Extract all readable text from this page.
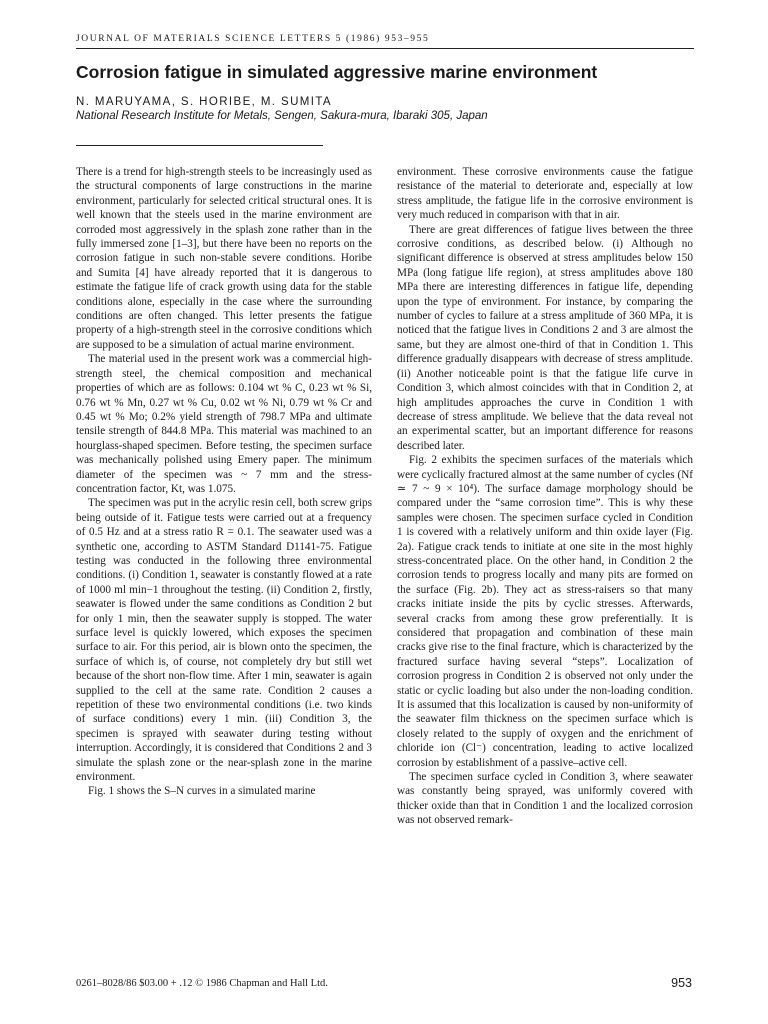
JOURNAL OF MATERIALS SCIENCE LETTERS 5 (1986) 953–955
Corrosion fatigue in simulated aggressive marine environment
N. MARUYAMA, S. HORIBE, M. SUMITA
National Research Institute for Metals, Sengen, Sakura-mura, Ibaraki 305, Japan

There is a trend for high-strength steels to be increasingly used as the structural components of large constructions in the marine environment, particularly for selected critical structural ones. It is well known that the steels used in the marine environment are corroded most aggressively in the splash zone rather than in the fully immersed zone [1–3], but there have been no reports on the corrosion fatigue in such non-stable severe conditions. Horibe and Sumita [4] have already reported that it is dangerous to estimate the fatigue life of crack growth using data for the stable conditions alone, especially in the case where the surrounding conditions are often changed. This letter presents the fatigue property of a high-strength steel in the corrosive conditions which are supposed to be a simulation of actual marine environment.

The material used in the present work was a commercial high-strength steel, the chemical composition and mechanical properties of which are as follows: 0.104 wt % C, 0.23 wt % Si, 0.76 wt % Mn, 0.27 wt % Cu, 0.02 wt % Ni, 0.79 wt % Cr and 0.45 wt % Mo; 0.2% yield strength of 798.7 MPa and ultimate tensile strength of 844.8 MPa. This material was machined to an hourglass-shaped specimen. Before testing, the specimen surface was mechanically polished using Emery paper. The minimum diameter of the specimen was ~ 7 mm and the stress-concentration factor, Kt, was 1.075.

The specimen was put in the acrylic resin cell, both screw grips being outside of it. Fatigue tests were carried out at a frequency of 0.5 Hz and at a stress ratio R = 0.1. The seawater used was a synthetic one, according to ASTM Standard D1141-75. Fatigue testing was conducted in the following three environmental conditions. (i) Condition 1, seawater is constantly flowed at a rate of 1000 ml min−1 throughout the testing. (ii) Condition 2, firstly, seawater is flowed under the same conditions as Condition 2 but for only 1 min, then the seawater supply is stopped. The water surface level is quickly lowered, which exposes the specimen surface to air. For this period, air is blown onto the specimen, the surface of which is, of course, not completely dry but still wet because of the short non-flow time. After 1 min, seawater is again supplied to the cell at the same rate. Condition 2 causes a repetition of these two environmental conditions (i.e. two kinds of surface conditions) every 1 min. (iii) Condition 3, the specimen is sprayed with seawater during testing without interruption. Accordingly, it is considered that Conditions 2 and 3 simulate the splash zone or the near-splash zone in the marine environment.

Fig. 1 shows the S–N curves in a simulated marine

environment. These corrosive environments cause the fatigue resistance of the material to deteriorate and, especially at low stress amplitude, the fatigue life in the corrosive environment is very much reduced in comparison with that in air.

There are great differences of fatigue lives between the three corrosive conditions, as described below. (i) Although no significant difference is observed at stress amplitudes below 150 MPa (long fatigue life region), at stress amplitudes above 180 MPa there are interesting differences in fatigue life, depending upon the type of environment. For instance, by comparing the number of cycles to failure at a stress amplitude of 360 MPa, it is noticed that the fatigue lives in Conditions 2 and 3 are almost the same, but they are almost one-third of that in Condition 1. This difference gradually disappears with decrease of stress amplitude. (ii) Another noticeable point is that the fatigue life curve in Condition 3, which almost coincides with that in Condition 2, at high amplitudes approaches the curve in Condition 1 with decrease of stress amplitude. We believe that the data reveal not an experimental scatter, but an important difference for reasons described later.

Fig. 2 exhibits the specimen surfaces of the materials which were cyclically fractured almost at the same number of cycles (Nf ≃ 7 ~ 9 × 10⁴). The surface damage morphology should be compared under the “same corrosion time”. This is why these samples were chosen. The specimen surface cycled in Condition 1 is covered with a relatively uniform and thin oxide layer (Fig. 2a). Fatigue crack tends to initiate at one site in the most highly stress-concentrated place. On the other hand, in Condition 2 the corrosion tends to progress locally and many pits are formed on the surface (Fig. 2b). They act as stress-raisers so that many cracks initiate inside the pits by cyclic stresses. Afterwards, several cracks from among these grow preferentially. It is considered that propagation and combination of these main cracks give rise to the final fracture, which is characterized by the fractured surface having several “steps”. Localization of corrosion progress in Condition 2 is observed not only under the static or cyclic loading but also under the non-loading condition. It is assumed that this localization is caused by non-uniformity of the seawater film thickness on the specimen surface which is closely related to the supply of oxygen and the enrichment of chloride ion (Cl⁻) concentration, leading to active localized corrosion by establishment of a passive–active cell.

The specimen surface cycled in Condition 3, where seawater was constantly being sprayed, was uniformly covered with thicker oxide than that in Condition 1 and the localized corrosion was not observed remark-

0261–8028/86 $03.00 + .12 © 1986 Chapman and Hall Ltd.	953
